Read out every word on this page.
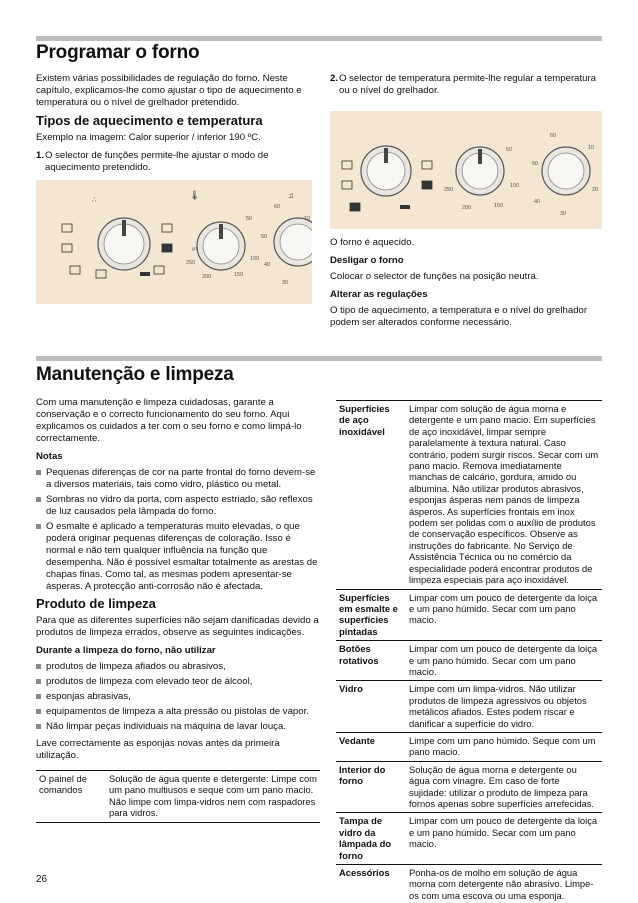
Programar o forno

Existem várias possibilidades de regulação do forno. Neste capítulo, explicamos-lhe como ajustar o tipo de aquecimento e temperatura ou o nível de grelhador pretendido.

Tipos de aquecimento e temperatura

Exemplo na imagem: Calor superior / inferior 190 ºC.

1. O selector de funções permite-lhe ajustar o modo de aquecimento pretendido.
∴
🌡
50
100
150
200
250
gril
♫
60
10
30
40
50
2. O selector de temperatura permite-lhe regular a temperatura ou o nível do grelhador.
50
100
150
200
250
60
10
20
30
40
50

O forno é aquecido.

Desligar o forno

Colocar o selector de funções na posição neutra.

Alterar as regulações

O tipo de aquecimento, a temperatura e o nível do grelhador podem ser alterados conforme necessário.

Manutenção e limpeza

Com uma manutenção e limpeza cuidadosas, garante a conservação e o correcto funcionamento do seu forno. Aqui explicamos os cuidados a ter com o seu forno e como limpá-lo correctamente.

Notas
Pequenas diferenças de cor na parte frontal do forno devem-se a diversos materiais, tais como vidro, plástico ou metal.
Sombras no vidro da porta, com aspecto estriado, são reflexos de luz causados pela lâmpada do forno.
O esmalte é aplicado a temperaturas muito elevadas, o que poderá originar pequenas diferenças de coloração. Isso é normal e não tem qualquer influência na função que desempenha. Não é possível esmaltar totalmente as arestas de chapas finas. Como tal, as mesmas podem apresentar-se ásperas. A protecção anti-corrosão não é afectada.
Produto de limpeza

Para que as diferentes superfícies não sejam danificadas devido a produtos de limpeza errados, observe as seguintes indicações.

Durante a limpeza do forno, não utilizar
produtos de limpeza afiados ou abrasivos,
produtos de limpeza com elevado teor de álcool,
esponjas abrasivas,
equipamentos de limpeza a alta pressão ou pistolas de vapor.
Não limpar peças individuais na máquina de lavar louça.

Lave correctamente as esponjas novas antes da primeira utilização.

O painel de comandos	Solução de água quente e detergente: Limpe com um pano multiusos e seque com um pano macio. Não limpe com limpa-vidros nem com raspadores para vidros.
Superfícies de aço inoxidável	Limpar com solução de água morna e detergente e um pano macio. Em superfícies de aço inoxidável, limpar sempre paralelamente à textura natural. Caso contrário, podem surgir riscos. Secar com um pano macio. Remova imediatamente manchas de calcário, gordura, amido ou albumina. Não utilizar produtos abrasivos, esponjas ásperas nem panos de limpeza ásperos. As superfícies frontais em inox podem ser polidas com o auxílio de produtos de conservação específicos. Observe as instruções do fabricante. No Serviço de Assistência Técnica ou no comércio da especialidade poderá encontrar produtos de limpeza especiais para aço inoxidável.
Superfícies em esmalte e superfícies pintadas	Limpar com um pouco de detergente da loiça e um pano húmido. Secar com um pano macio.
Botões rotativos	Limpar com um pouco de detergente da loiça e um pano húmido. Secar com um pano macio.
Vidro	Limpe com um limpa-vidros. Não utilizar produtos de limpeza agressivos ou objetos metálicos afiados. Estes podem riscar e danificar a superfície do vidro.
Vedante	Limpe com um pano húmido. Seque com um pano macio.
Interior do forno	Solução de água morna e detergente ou água com vinagre. Em caso de forte sujidade: utilizar o produto de limpeza para fornos apenas sobre superfícies arrefecidas.
Tampa de vidro da lâmpada do forno	Limpar com um pouco de detergente da loiça e um pano húmido. Secar com um pano macio.
Acessórios	Ponha-os de molho em solução de água morna com detergente não abrasivo. Limpe-os com uma escova ou uma esponja.
26
